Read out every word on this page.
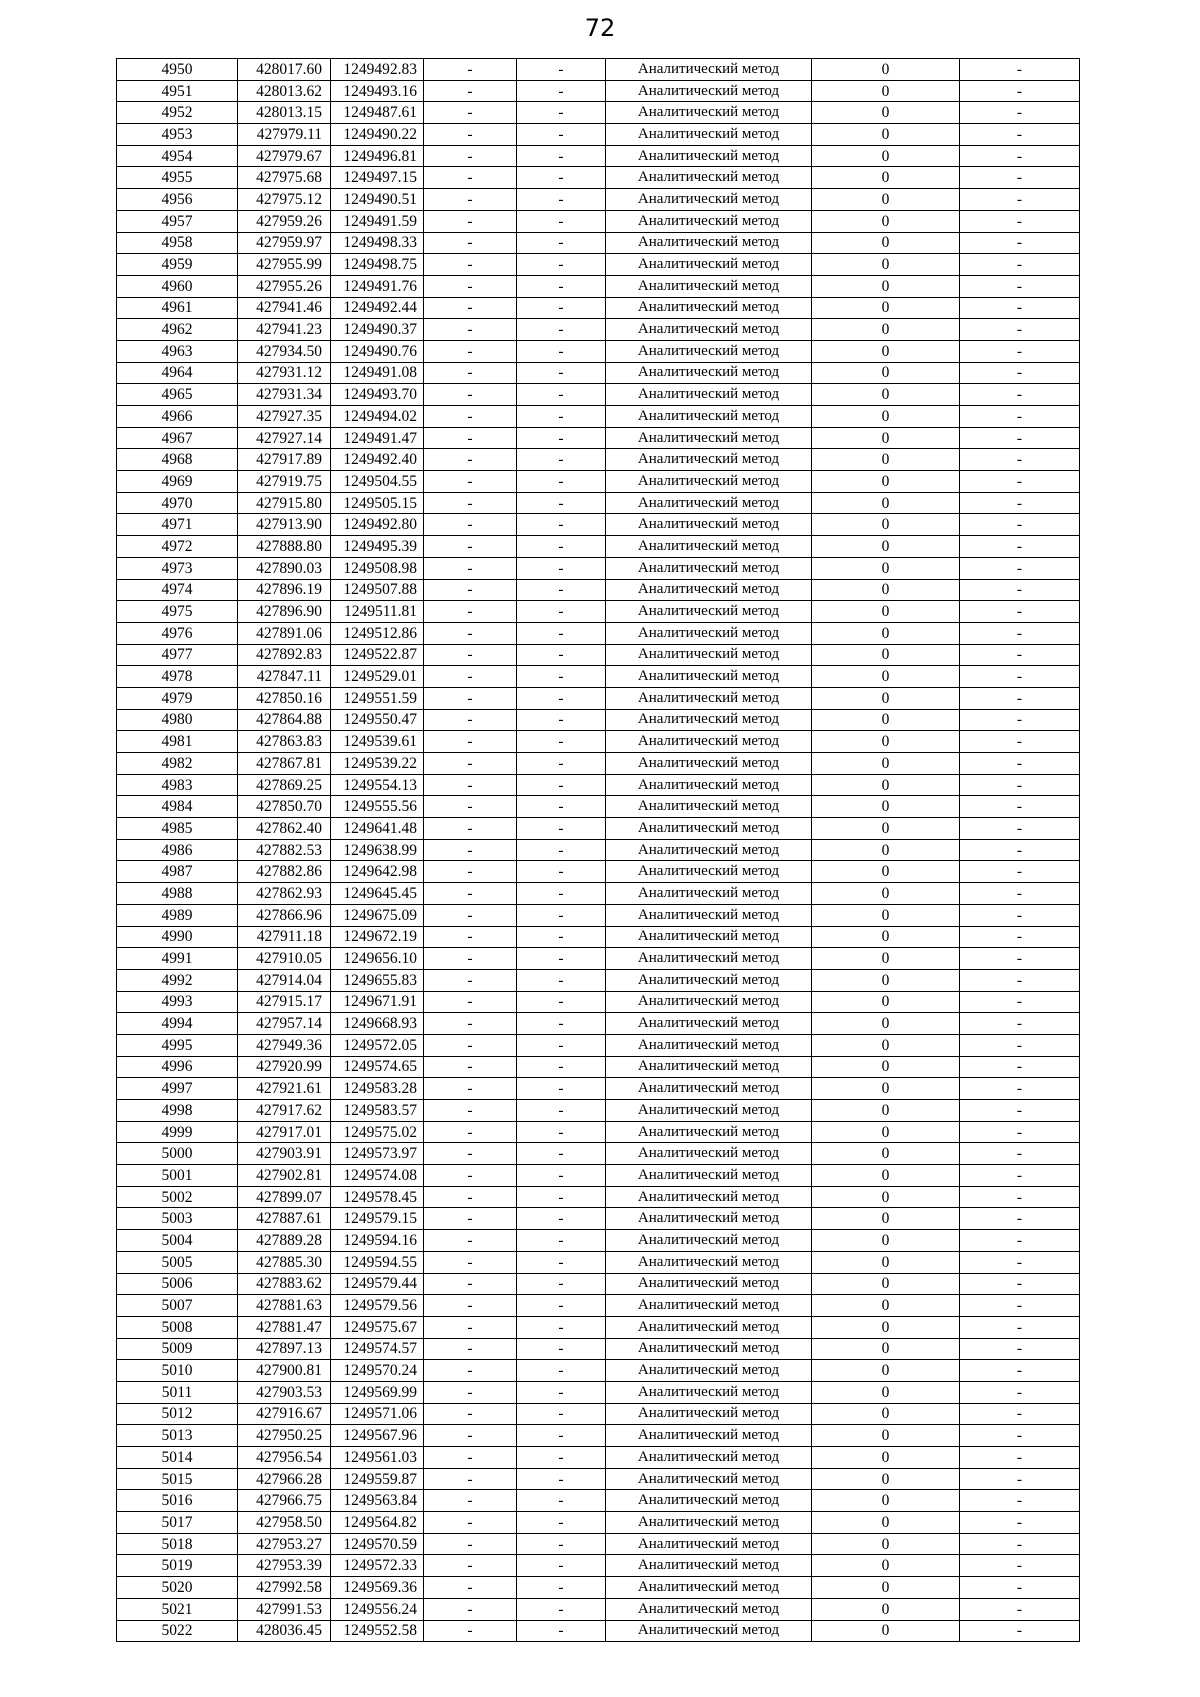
72
4950	428017.60	1249492.83	-	-	Аналитический метод	0	-
4951	428013.62	1249493.16	-	-	Аналитический метод	0	-
4952	428013.15	1249487.61	-	-	Аналитический метод	0	-
4953	427979.11	1249490.22	-	-	Аналитический метод	0	-
4954	427979.67	1249496.81	-	-	Аналитический метод	0	-
4955	427975.68	1249497.15	-	-	Аналитический метод	0	-
4956	427975.12	1249490.51	-	-	Аналитический метод	0	-
4957	427959.26	1249491.59	-	-	Аналитический метод	0	-
4958	427959.97	1249498.33	-	-	Аналитический метод	0	-
4959	427955.99	1249498.75	-	-	Аналитический метод	0	-
4960	427955.26	1249491.76	-	-	Аналитический метод	0	-
4961	427941.46	1249492.44	-	-	Аналитический метод	0	-
4962	427941.23	1249490.37	-	-	Аналитический метод	0	-
4963	427934.50	1249490.76	-	-	Аналитический метод	0	-
4964	427931.12	1249491.08	-	-	Аналитический метод	0	-
4965	427931.34	1249493.70	-	-	Аналитический метод	0	-
4966	427927.35	1249494.02	-	-	Аналитический метод	0	-
4967	427927.14	1249491.47	-	-	Аналитический метод	0	-
4968	427917.89	1249492.40	-	-	Аналитический метод	0	-
4969	427919.75	1249504.55	-	-	Аналитический метод	0	-
4970	427915.80	1249505.15	-	-	Аналитический метод	0	-
4971	427913.90	1249492.80	-	-	Аналитический метод	0	-
4972	427888.80	1249495.39	-	-	Аналитический метод	0	-
4973	427890.03	1249508.98	-	-	Аналитический метод	0	-
4974	427896.19	1249507.88	-	-	Аналитический метод	0	-
4975	427896.90	1249511.81	-	-	Аналитический метод	0	-
4976	427891.06	1249512.86	-	-	Аналитический метод	0	-
4977	427892.83	1249522.87	-	-	Аналитический метод	0	-
4978	427847.11	1249529.01	-	-	Аналитический метод	0	-
4979	427850.16	1249551.59	-	-	Аналитический метод	0	-
4980	427864.88	1249550.47	-	-	Аналитический метод	0	-
4981	427863.83	1249539.61	-	-	Аналитический метод	0	-
4982	427867.81	1249539.22	-	-	Аналитический метод	0	-
4983	427869.25	1249554.13	-	-	Аналитический метод	0	-
4984	427850.70	1249555.56	-	-	Аналитический метод	0	-
4985	427862.40	1249641.48	-	-	Аналитический метод	0	-
4986	427882.53	1249638.99	-	-	Аналитический метод	0	-
4987	427882.86	1249642.98	-	-	Аналитический метод	0	-
4988	427862.93	1249645.45	-	-	Аналитический метод	0	-
4989	427866.96	1249675.09	-	-	Аналитический метод	0	-
4990	427911.18	1249672.19	-	-	Аналитический метод	0	-
4991	427910.05	1249656.10	-	-	Аналитический метод	0	-
4992	427914.04	1249655.83	-	-	Аналитический метод	0	-
4993	427915.17	1249671.91	-	-	Аналитический метод	0	-
4994	427957.14	1249668.93	-	-	Аналитический метод	0	-
4995	427949.36	1249572.05	-	-	Аналитический метод	0	-
4996	427920.99	1249574.65	-	-	Аналитический метод	0	-
4997	427921.61	1249583.28	-	-	Аналитический метод	0	-
4998	427917.62	1249583.57	-	-	Аналитический метод	0	-
4999	427917.01	1249575.02	-	-	Аналитический метод	0	-
5000	427903.91	1249573.97	-	-	Аналитический метод	0	-
5001	427902.81	1249574.08	-	-	Аналитический метод	0	-
5002	427899.07	1249578.45	-	-	Аналитический метод	0	-
5003	427887.61	1249579.15	-	-	Аналитический метод	0	-
5004	427889.28	1249594.16	-	-	Аналитический метод	0	-
5005	427885.30	1249594.55	-	-	Аналитический метод	0	-
5006	427883.62	1249579.44	-	-	Аналитический метод	0	-
5007	427881.63	1249579.56	-	-	Аналитический метод	0	-
5008	427881.47	1249575.67	-	-	Аналитический метод	0	-
5009	427897.13	1249574.57	-	-	Аналитический метод	0	-
5010	427900.81	1249570.24	-	-	Аналитический метод	0	-
5011	427903.53	1249569.99	-	-	Аналитический метод	0	-
5012	427916.67	1249571.06	-	-	Аналитический метод	0	-
5013	427950.25	1249567.96	-	-	Аналитический метод	0	-
5014	427956.54	1249561.03	-	-	Аналитический метод	0	-
5015	427966.28	1249559.87	-	-	Аналитический метод	0	-
5016	427966.75	1249563.84	-	-	Аналитический метод	0	-
5017	427958.50	1249564.82	-	-	Аналитический метод	0	-
5018	427953.27	1249570.59	-	-	Аналитический метод	0	-
5019	427953.39	1249572.33	-	-	Аналитический метод	0	-
5020	427992.58	1249569.36	-	-	Аналитический метод	0	-
5021	427991.53	1249556.24	-	-	Аналитический метод	0	-
5022	428036.45	1249552.58	-	-	Аналитический метод	0	-
